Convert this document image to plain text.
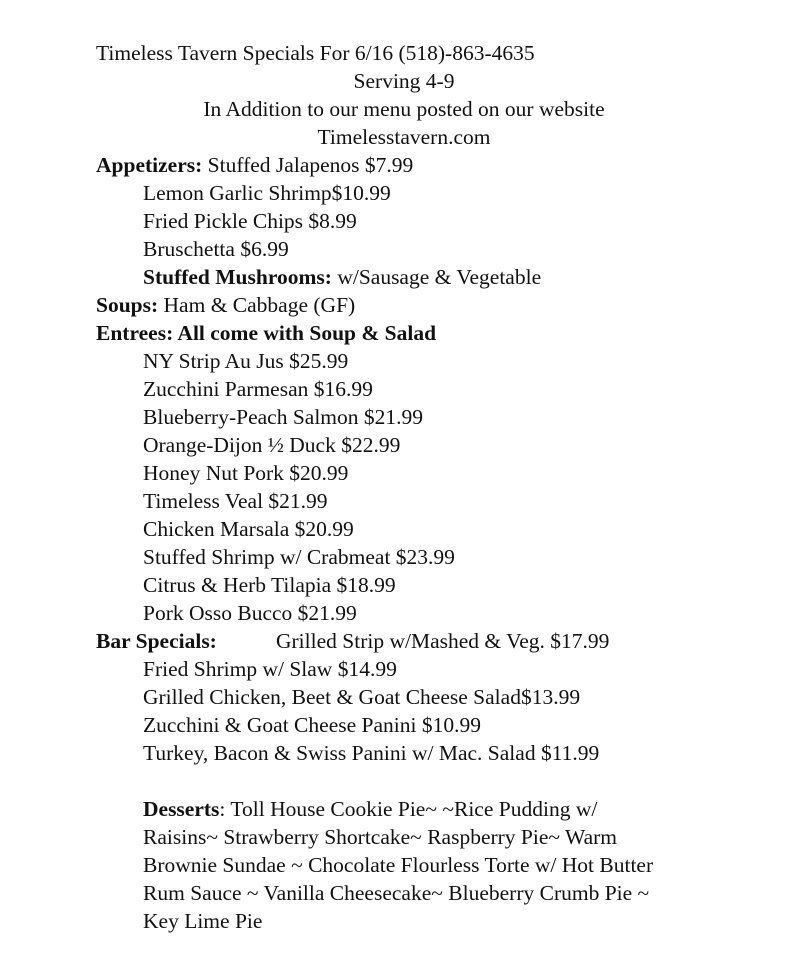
Timeless Tavern Specials For 6/16 (518)-863-4635
Serving 4-9
In Addition to our menu posted on our website
Timelesstavern.com
Appetizers: Stuffed Jalapenos $7.99
Lemon Garlic Shrimp$10.99
Fried Pickle Chips $8.99
Bruschetta $6.99
Stuffed Mushrooms: w/Sausage & Vegetable
Soups: Ham & Cabbage (GF)
Entrees: All come with Soup & Salad
NY Strip Au Jus $25.99
Zucchini Parmesan $16.99
Blueberry-Peach Salmon $21.99
Orange-Dijon ½ Duck $22.99
Honey Nut Pork $20.99
Timeless Veal $21.99
Chicken Marsala $20.99
Stuffed Shrimp w/ Crabmeat $23.99
Citrus & Herb Tilapia $18.99
Pork Osso Bucco $21.99
Bar Specials:	Grilled Strip w/Mashed & Veg. $17.99
Fried Shrimp w/ Slaw $14.99
Grilled Chicken, Beet & Goat Cheese Salad$13.99
Zucchini & Goat Cheese Panini $10.99
Turkey, Bacon & Swiss Panini w/ Mac. Salad $11.99
Desserts: Toll House Cookie Pie~ ~Rice Pudding w/
Raisins~ Strawberry Shortcake~ Raspberry Pie~ Warm
Brownie Sundae ~ Chocolate Flourless Torte w/ Hot Butter
Rum Sauce ~ Vanilla Cheesecake~ Blueberry Crumb Pie ~
Key Lime Pie
